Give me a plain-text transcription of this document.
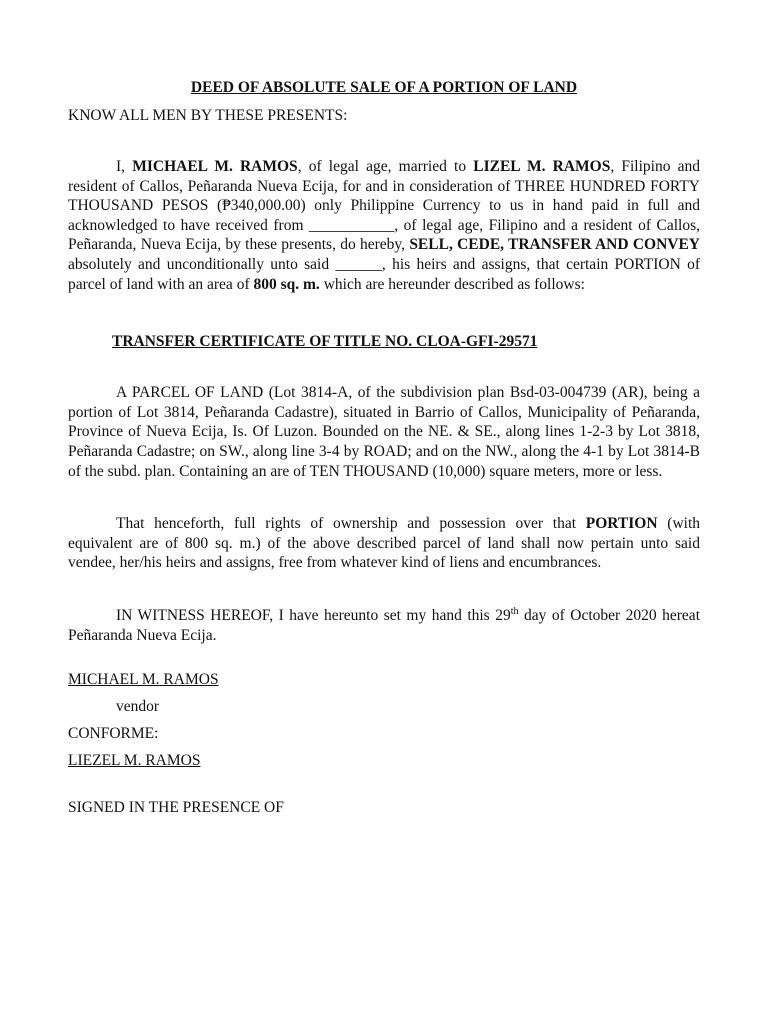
DEED OF ABSOLUTE SALE OF A PORTION OF LAND
KNOW ALL MEN BY THESE PRESENTS:

I, MICHAEL M. RAMOS, of legal age, married to LIZEL M. RAMOS, Filipino and resident of Callos, Peñaranda Nueva Ecija, for and in consideration of THREE HUNDRED FORTY THOUSAND PESOS (₱340,000.00) only Philippine Currency to us in hand paid in full and acknowledged to have received from ___________, of legal age, Filipino and a resident of Callos, Peñaranda, Nueva Ecija, by these presents, do hereby, SELL, CEDE, TRANSFER AND CONVEY absolutely and unconditionally unto said ______, his heirs and assigns, that certain PORTION of parcel of land with an area of 800 sq. m. which are hereunder described as follows:

TRANSFER CERTIFICATE OF TITLE NO. CLOA-GFI-29571

A PARCEL OF LAND (Lot 3814-A, of the subdivision plan Bsd-03-004739 (AR), being a portion of Lot 3814, Peñaranda Cadastre), situated in Barrio of Callos, Municipality of Peñaranda, Province of Nueva Ecija, Is. Of Luzon. Bounded on the NE. & SE., along lines 1-2-3 by Lot 3818, Peñaranda Cadastre; on SW., along line 3-4 by ROAD; and on the NW., along the 4-1 by Lot 3814-B of the subd. plan. Containing an are of TEN THOUSAND (10,000) square meters, more or less.

That henceforth, full rights of ownership and possession over that PORTION (with equivalent are of 800 sq. m.) of the above described parcel of land shall now pertain unto said vendee, her/his heirs and assigns, free from whatever kind of liens and encumbrances.

IN WITNESS HEREOF, I have hereunto set my hand this 29th day of October 2020 hereat Peñaranda Nueva Ecija.

MICHAEL M. RAMOS
vendor
CONFORME:
LIEZEL M. RAMOS
SIGNED IN THE PRESENCE OF
